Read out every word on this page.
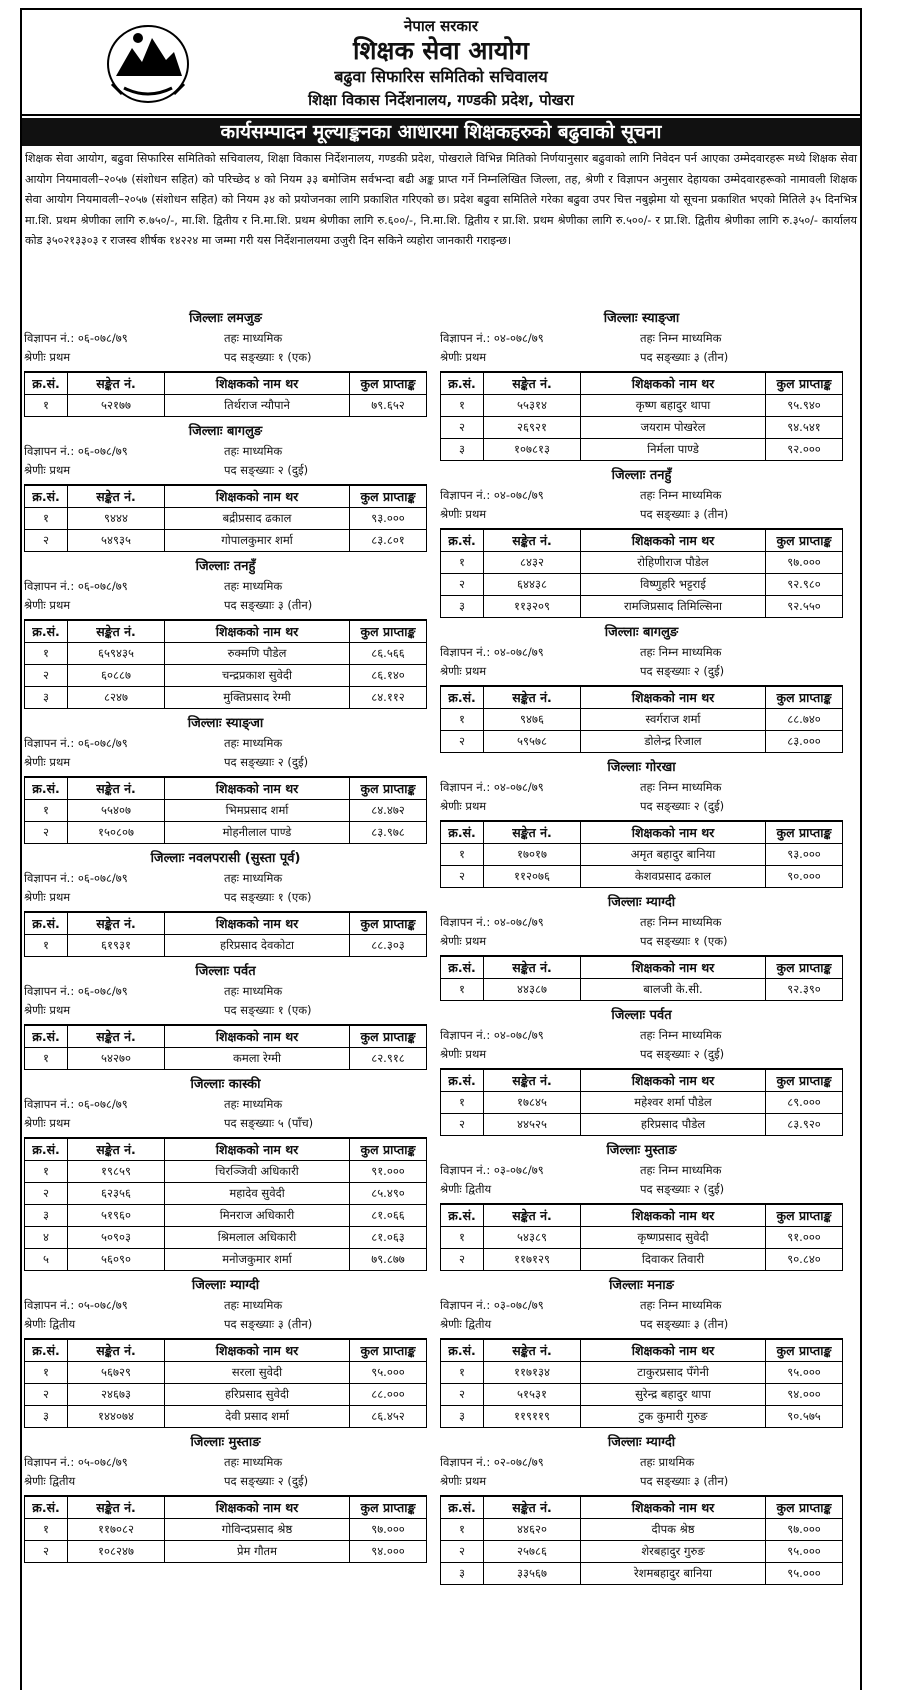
नेपाल सरकार
शिक्षक सेवा आयोग
बढुवा सिफारिस समितिको सचिवालय
शिक्षा विकास निर्देशनालय, गण्डकी प्रदेश, पोखरा
कार्यसम्पादन मूल्याङ्कनका आधारमा शिक्षकहरुको बढुवाको सूचना
शिक्षक सेवा आयोग, बढुवा सिफारिस समितिको सचिवालय, शिक्षा विकास निर्देशनालय, गण्डकी प्रदेश, पोखराले विभिन्न मितिको निर्णयानुसार बढुवाको लागि निवेदन पर्न आएका उम्मेदवारहरू मध्ये शिक्षक सेवा आयोग नियमावली–२०५७ (संशोधन सहित) को परिच्छेद ४ को नियम ३३ बमोजिम सर्वभन्दा बढी अङ्क प्राप्त गर्ने निम्नलिखित जिल्ला, तह, श्रेणी र विज्ञापन अनुसार देहायका उम्मेदवारहरूको नामावली शिक्षक सेवा आयोग नियमावली–२०५७ (संशोधन सहित) को नियम ३४ को प्रयोजनका लागि प्रकाशित गरिएको छ। प्रदेश बढुवा समितिले गरेका बढुवा उपर चित्त नबुझेमा यो सूचना प्रकाशित भएको मितिले ३५ दिनभित्र मा.शि. प्रथम श्रेणीका लागि रु.७५०/-, मा.शि. द्वितीय र नि.मा.शि. प्रथम श्रेणीका लागि रु.६००/-, नि.मा.शि. द्वितीय र प्रा.शि. प्रथम श्रेणीका लागि रु.५००/- र प्रा.शि. द्वितीय श्रेणीका लागि रु.३५०/- कार्यालय कोड ३५०२१३३०३ र राजस्व शीर्षक १४२२४ मा जम्मा गरी यस निर्देशनालयमा उजुरी दिन सकिने व्यहोरा जानकारी गराइन्छ।
जिल्लाः लमजुङ
विज्ञापन नं.: ०६-०७८/७९	तहः माध्यमिक
श्रेणीः प्रथम	पद सङ्ख्याः १ (एक)
क्र.सं.	सङ्केत नं.	शिक्षकको नाम थर	कुल प्राप्ताङ्क
१	५२१७७	तिर्थराज न्यौपाने	७९.६५२
जिल्लाः बागलुङ
विज्ञापन नं.: ०६-०७८/७९	तहः माध्यमिक
श्रेणीः प्रथम	पद सङ्ख्याः २ (दुई)
क्र.सं.	सङ्केत नं.	शिक्षकको नाम थर	कुल प्राप्ताङ्क
१	९४४४	बद्रीप्रसाद ढकाल	९३.०००
२	५४९३५	गोपालकुमार शर्मा	८३.८०१
जिल्लाः तनहुँ
विज्ञापन नं.: ०६-०७८/७९	तहः माध्यमिक
श्रेणीः प्रथम	पद सङ्ख्याः ३ (तीन)
क्र.सं.	सङ्केत नं.	शिक्षकको नाम थर	कुल प्राप्ताङ्क
१	६५९४३५	रुक्मणि पौडेल	८६.५६६
२	६०८८७	चन्द्रप्रकाश सुवेदी	८६.१४०
३	८२४७	मुक्तिप्रसाद रेग्मी	८४.११२
जिल्लाः स्याङ्जा
विज्ञापन नं.: ०६-०७८/७९	तहः माध्यमिक
श्रेणीः प्रथम	पद सङ्ख्याः २ (दुई)
क्र.सं.	सङ्केत नं.	शिक्षकको नाम थर	कुल प्राप्ताङ्क
१	५५४०७	भिमप्रसाद शर्मा	८४.४७२
२	१५०८०७	मोहनीलाल पाण्डे	८३.९७८
जिल्लाः नवलपरासी (सुस्ता पूर्व)
विज्ञापन नं.: ०६-०७८/७९	तहः माध्यमिक
श्रेणीः प्रथम	पद सङ्ख्याः १ (एक)
क्र.सं.	सङ्केत नं.	शिक्षकको नाम थर	कुल प्राप्ताङ्क
१	६१९३१	हरिप्रसाद देवकोटा	८८.३०३
जिल्लाः पर्वत
विज्ञापन नं.: ०६-०७८/७९	तहः माध्यमिक
श्रेणीः प्रथम	पद सङ्ख्याः १ (एक)
क्र.सं.	सङ्केत नं.	शिक्षकको नाम थर	कुल प्राप्ताङ्क
१	५४२७०	कमला रेग्मी	८२.९१८
जिल्लाः कास्की
विज्ञापन नं.: ०६-०७८/७९	तहः माध्यमिक
श्रेणीः प्रथम	पद सङ्ख्याः ५ (पाँच)
क्र.सं.	सङ्केत नं.	शिक्षकको नाम थर	कुल प्राप्ताङ्क
१	१९८५९	चिरञ्जिवी अधिकारी	९१.०००
२	६२३५६	महादेव सुवेदी	८५.४९०
३	५१९६०	मिनराज अधिकारी	८१.०६६
४	५०९०३	श्रिमलाल अधिकारी	८१.०६३
५	५६०९०	मनोजकुमार शर्मा	७९.८७७
जिल्लाः म्याग्दी
विज्ञापन नं.: ०५-०७८/७९	तहः माध्यमिक
श्रेणीः द्वितीय	पद सङ्ख्याः ३ (तीन)
क्र.सं.	सङ्केत नं.	शिक्षकको नाम थर	कुल प्राप्ताङ्क
१	५६७२९	सरला सुवेदी	९५.०००
२	२४६७३	हरिप्रसाद सुवेदी	८८.०००
३	१४४०७४	देवी प्रसाद शर्मा	८६.४५२
जिल्लाः मुस्ताङ
विज्ञापन नं.: ०५-०७८/७९	तहः माध्यमिक
श्रेणीः द्वितीय	पद सङ्ख्याः २ (दुई)
क्र.सं.	सङ्केत नं.	शिक्षकको नाम थर	कुल प्राप्ताङ्क
१	११७०८२	गोविन्दप्रसाद श्रेष्ठ	९७.०००
२	१०८२४७	प्रेम गौतम	९४.०००
जिल्लाः स्याङ्जा
विज्ञापन नं.: ०४-०७८/७९	तहः निम्न माध्यमिक
श्रेणीः प्रथम	पद सङ्ख्याः ३ (तीन)
क्र.सं.	सङ्केत नं.	शिक्षकको नाम थर	कुल प्राप्ताङ्क
१	५५३१४	कृष्ण बहादुर थापा	९५.९४०
२	२६९२१	जयराम पोखरेल	९४.५४१
३	१०७८१३	निर्मला पाण्डे	९२.०००
जिल्लाः तनहुँ
विज्ञापन नं.: ०४-०७८/७९	तहः निम्न माध्यमिक
श्रेणीः प्रथम	पद सङ्ख्याः ३ (तीन)
क्र.सं.	सङ्केत नं.	शिक्षकको नाम थर	कुल प्राप्ताङ्क
१	८४३२	रोहिणीराज पौडेल	९७.०००
२	६४४३८	विष्णुहरि भट्टराई	९२.९८०
३	११३२०९	रामजिप्रसाद तिमिल्सिना	९२.५५०
जिल्लाः बागलुङ
विज्ञापन नं.: ०४-०७८/७९	तहः निम्न माध्यमिक
श्रेणीः प्रथम	पद सङ्ख्याः २ (दुई)
क्र.सं.	सङ्केत नं.	शिक्षकको नाम थर	कुल प्राप्ताङ्क
१	९४७६	स्वर्गराज शर्मा	८८.७४०
२	५९५७८	डोलेन्द्र रिजाल	८३.०००
जिल्लाः गोरखा
विज्ञापन नं.: ०४-०७८/७९	तहः निम्न माध्यमिक
श्रेणीः प्रथम	पद सङ्ख्याः २ (दुई)
क्र.सं.	सङ्केत नं.	शिक्षकको नाम थर	कुल प्राप्ताङ्क
१	१७०१७	अमृत बहादुर बानिया	९३.०००
२	११२०७६	केशवप्रसाद ढकाल	९०.०००
जिल्लाः म्याग्दी
विज्ञापन नं.: ०४-०७८/७९	तहः निम्न माध्यमिक
श्रेणीः प्रथम	पद सङ्ख्याः १ (एक)
क्र.सं.	सङ्केत नं.	शिक्षकको नाम थर	कुल प्राप्ताङ्क
१	४४३८७	बालजी के.सी.	९२.३९०
जिल्लाः पर्वत
विज्ञापन नं.: ०४-०७८/७९	तहः निम्न माध्यमिक
श्रेणीः प्रथम	पद सङ्ख्याः २ (दुई)
क्र.सं.	सङ्केत नं.	शिक्षकको नाम थर	कुल प्राप्ताङ्क
१	१७८४५	महेश्वर शर्मा पौडेल	८९.०००
२	४४५२५	हरिप्रसाद पौडेल	८३.९२०
जिल्लाः मुस्ताङ
विज्ञापन नं.: ०३-०७८/७९	तहः निम्न माध्यमिक
श्रेणीः द्वितीय	पद सङ्ख्याः २ (दुई)
क्र.सं.	सङ्केत नं.	शिक्षकको नाम थर	कुल प्राप्ताङ्क
१	५४३८९	कृष्णप्रसाद सुवेदी	९१.०००
२	११७१२९	दिवाकर तिवारी	९०.८४०
जिल्लाः मनाङ
विज्ञापन नं.: ०३-०७८/७९	तहः निम्न माध्यमिक
श्रेणीः द्वितीय	पद सङ्ख्याः ३ (तीन)
क्र.सं.	सङ्केत नं.	शिक्षकको नाम थर	कुल प्राप्ताङ्क
१	११७१३४	टाकुरप्रसाद पँगेनी	९५.०००
२	५१५३१	सुरेन्द्र बहादुर थापा	९४.०००
३	११९११९	टुक कुमारी गुरुङ	९०.५७५
जिल्लाः म्याग्दी
विज्ञापन नं.: ०२-०७८/७९	तहः प्राथमिक
श्रेणीः प्रथम	पद सङ्ख्याः ३ (तीन)
क्र.सं.	सङ्केत नं.	शिक्षकको नाम थर	कुल प्राप्ताङ्क
१	४४६२०	दीपक श्रेष्ठ	९७.०००
२	२५७८६	शेरबहादुर गुरुङ	९५.०००
३	३३५६७	रेशमबहादुर बानिया	९५.०००
